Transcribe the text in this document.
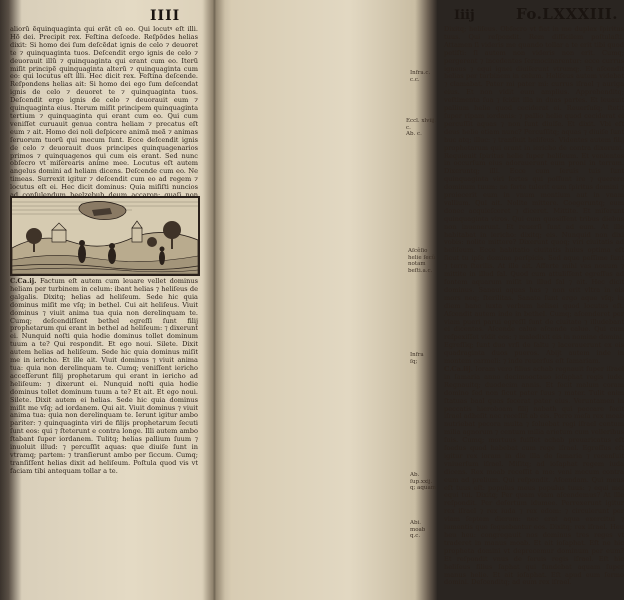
IIII

aliorũ ẽquinquaginta qui erãt cũ eo. Qui locutꝰ eſt illi. Hõ dei. Precipit rex. Feſtina deſcede. Reſpõdes helias dixit: Si homo dei ſum deſcẽdat ignis de celo ⁊ deuoret te ⁊ quinquaginta tuos. Deſcendit ergo ignis de celo ⁊ deuorauit illũ ⁊ quinquaginta qui erant cum eo. Iterũ miſit principẽ quinquaginta alterũ ⁊ quinquaginta cum eo: qui locutus eſt illi. Hec dicit rex. Feſtina deſcende. Reſpondens helias ait: Si homo dei ego ſum deſcendat ignis de celo ⁊ deuoret te ⁊ quinquaginta tuos. Deſcendit ergo ignis de celo ⁊ deuorauit eum ⁊ quinquaginta eius. Iterum miſit principem quinquaginta tertium ⁊ quinquaginta qui erant cum eo. Qui cum veniſſet curuauit genua contra heliam ⁊ precatus eſt eum ⁊ ait. Homo dei noli deſpicere animã meã ⁊ animas ſeruorum tuorũ qui mecum ſunt. Ecce deſcendit ignis de celo ⁊ deuorauit duos principes quinquagenarios primos ⁊ quinquagenos qui cum eis erant. Sed nunc obſecro vt miſerearis anime mee. Locutus eſt autem angelus domini ad heliam dicens. Deſcende cum eo. Ne timeas. Surrexit igitur ⁊ deſcendit cum eo ad regem ⁊ locutus eſt ei. Hec dicit dominus: Quia miſiſti nuncios

C.Ca.ij. Factum eſt autem cum leuare vellet dominus heliam per turbinem in celum: ibant helias ⁊ heliſeus de galgalis. Dixitq; helias ad heliſeum. Sede hic quia dominus miſit me vſq; in bethel. Cui ait heliſeus. Viuit dominus ⁊ viuit anima tua quia non derelinquam te. Cumq; deſcendiſſent bethel egreſſi ſunt filij prophetarum qui erant in bethel ad heliſeum: ⁊ dixerunt ei. Nunquid noſti quia hodie dominus tollet dominum tuum a te? Qui respondit. Et ego noui. Silete. Dixit autem helias ad heliſeum. Sede hic quia dominus miſit me in iericho. Et ille ait. Viuit dominus ⁊ viuit anima tua: quia non derelinquam te. Cumq; veniſſent iericho acceſſerunt filij prophetarum qui erant in iericho ad heliſeum: ⁊ dixerunt ei. Nunquid noſti quia hodie dominus tollet dominum tuum a te? Et ait. Et ego noui. Silete. Dixit autem ei helias. Sede hic quia dominus miſit me vſq; ad iordanem. Qui ait. Viuit dominus ⁊ viuit anima tua: quia non derelinquam te. Ierunt igitur ambo pariter: ⁊ quinquaginta viri de filijs prophetarum ſecuti ſunt eos: qui ⁊ ſteterunt e contra longe. Illi autem ambo ſtabant ſuper iordanem. Tulitq; helias pallium ſuum ⁊ inuoluit illud: ⁊ percuſſit aquas: que diuiſe ſunt in vtramq; partem: ⁊ tranſierunt ambo per ſiccum. Cumq; tranſiſſent helias dixit ad heliſeum. Poſtula quod vis vt faciam tibi antequam tollar a te.

Iiij	Fo.LXXXIII.

Dixitq; heliſeus. Obſecro vt fiat in me duplex ſpiritus tuus. Qui reſpondit. Rem difficilem poſtulaſti. Attamen ſi videris me quando tollar a te erit tibi quod petiſti: ſi autem non videris non erit. Cumq; pergerent ⁊ incedentes ſermocinarentur: ecce currus igneus ⁊ equi ignei diuiſerunt vtrumq;. Et aſcendit helias per turbinem in celum. Heliſeus autem videbat ⁊ clamabat. Pater mi pater mi: currus iſrael ⁊ auriga eius. Et non vidit eum amplius. Apprehenditq; veſtimenta ſua ⁊ ſcidit illa in duas partes. Et leuauit pallium helie quod ceciderat ei. Reuerſuſq; ſtetit ſuper ripam iordanis: ⁊ pallio helie quod ceciderat ei percuſſit aquas ⁊ non ſunt diuiſe. Et dixit. Vbi eſt deus helie etiam nunc? Percuſſitq; aquas ⁊ diuiſe ſunt huc atq; illuc: ⁊ tranſiuit heliſeus. Videntes autem filij prophetarum qui erant in iericho de contra dixerunt. Requieuit ſpiritus helie ſuper heliſeum. Et venientes in occurſum eius adorauerunt eum proni in terram. Dixeruntq; illi. Ecce cum ſeruis tuis ſunt quinquaginta viri fortes qui poſſunt ire ⁊ querere dominum tuum: ne forte tulerit eum ſpiritus domini ⁊ proiecerit eum in vnum montium aut in vnam vallium. Qui ait. Nolite mittere. Coegeruntq; eum donec acquieſceret ⁊ diceret. Mittite. Et miſerunt quinquaginta viros. Qui cum quesiſſent tribus diebus non inuenerunt. Et reuerſi ſunt ad eum. At ille habitabat in iericho: dixitq; eis. Nunquid non dixi vobis: nolite mittere? Dixerunt quoq; viri ciuitatis ad heliſeum. Ecce habitatio ciuitatis huius optima eſt ſicut tu ipſe domine perſpicis. Sed aque peſſime ſunt ⁊ terra ſterilis. At ille ait. Afferte mihi vas nouum ⁊ mittite in illud ſal. Quod cum attuliſſent egreſſus ad fontem aquarum miſit in illud ſal ⁊ ait. Hec dicit dominus. Sanaui aquas has ⁊ non erit vltra in eis mors neq; ſterilitas. Sanate ſunt ergo aque vſq; in diem hanc iuxta verbum helisei quod locutus eſt. Aſcendit autem inde in bethel. Cumq; aſcenderet per viam pueri parui egreſſi ſunt de ciuitate ⁊ illudebant ei dicentes. Aſcende calue aſcende calue. Qui cum reſpexiſſet vidit eos: ⁊ maledixit eis in nomine domini. Egreſſiq; ſunt duo vrſi de ſaltu ⁊ lacerauerunt ex eis quadraginta duos pueros. Abijt autem inde in montem carmeli: ⁊ inde reuerſus eſt ſamariam.

C.Ca.iij. Ioram vero filius achab regnauit ſuper iſrael in ſamaria anno decimooctauo ioſaphat regis iude. Regnauitq; duodecim annis. Et fecit malum coram domino ſed non ſicut pater ſuus ⁊ mater. Tulit enim ſtatuas baal quas fecerat pater eius. Veruntamen in peccatis hieroboam filij nabath qui peccare fecit iſrael adheſit nec receſſit ab eis. Porro meſa rex moab nutriebat pecora multa ⁊ ſoluebat regi iſrael centum milia agnorum ⁊ centum milia arietum cum velleribus ſuis. Cumq; mortuus fuiſſet achab preuaricatus eſt foedus quod habebat cum rege iſrael. Egreſſus eſt igitur rex ioram in die illa de ſamaria ⁊ recenſuit vniuerſum iſrael. Miſitq; ad ioſaphat regem iuda dicens. Rex moab receſſit a me: veni mecum contra eum ad prelium. Qui reſpondit. Aſcendam. Qui meus eſt tuus eſt: populus meus populus tuus: ⁊ equi mei equi tui. Dixitq; Per quam viam aſcendemus? At ille reſpondit. Per deſertum idumee. Perrexerunt igitur rex iſrael ⁊ rex iuda ⁊ rex edom: ⁊ circuierunt per viam ſeptem dierum: nec erat aqua exercitui ⁊ iumentis que ſequebantur eos. Dixitq; rex iſrael. Heu heu heu: congregauit nos dominus tres reges vt traderet in manus moab. Et ait ioſaphat. Eſt ne hic propheta domini vt deprecemur dominum per eum? Et reſpondit vnus de ſeruis regis iſrael. Eſt hic heliſeus filius ſaphat qui fundebat aquam ſuper manus helie. Et ait ioſaphat. Eſt apud eum ſermo domini. Deſcenditq; ad eum rex iſrael.

Infra.c.
c.c.
Eccl. xlviij. c.
Ab. c.
Aſcẽſio
helie ſecũ
notam
beſti.a.c.
Infra
ſq;
Ab.
ſup.xxij.
q; aquam
Abi.
moab
q.c.
